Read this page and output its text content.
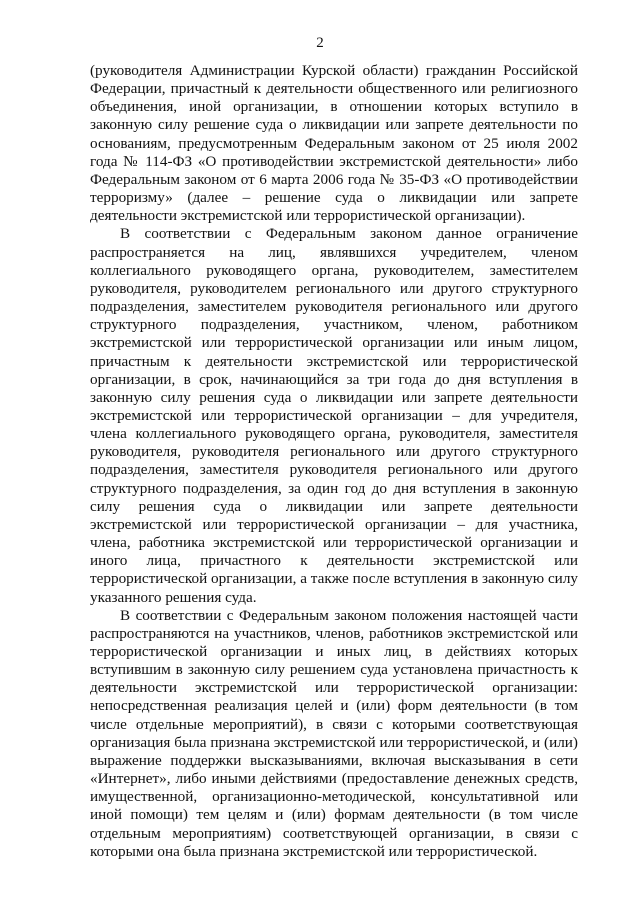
2

(руководителя Администрации Курской области) гражданин Российской Федерации, причастный к деятельности общественного или религиозного объединения, иной организации, в отношении которых вступило в законную силу решение суда о ликвидации или запрете деятельности по основаниям, предусмотренным Федеральным законом от 25 июля 2002 года № 114-ФЗ «О противодействии экстремистской деятельности» либо Федеральным законом от 6 марта 2006 года № 35-ФЗ «О противодействии терроризму» (далее – решение суда о ликвидации или запрете деятельности экстремистской или террористической организации).

В соответствии с Федеральным законом данное ограничение распространяется на лиц, являвшихся учредителем, членом коллегиального руководящего органа, руководителем, заместителем руководителя, руководителем регионального или другого структурного подразделения, заместителем руководителя регионального или другого структурного подразделения, участником, членом, работником экстремистской или террористической организации или иным лицом, причастным к деятельности экстремистской или террористической организации, в срок, начинающийся за три года до дня вступления в законную силу решения суда о ликвидации или запрете деятельности экстремистской или террористической организации – для учредителя, члена коллегиального руководящего органа, руководителя, заместителя руководителя, руководителя регионального или другого структурного подразделения, заместителя руководителя регионального или другого структурного подразделения, за один год до дня вступления в законную силу решения суда о ликвидации или запрете деятельности экстремистской или террористической организации – для участника, члена, работника экстремистской или террористической организации и иного лица, причастного к деятельности экстремистской или террористической организации, а также после вступления в законную силу указанного решения суда.

В соответствии с Федеральным законом положения настоящей части распространяются на участников, членов, работников экстремистской или террористической организации и иных лиц, в действиях которых вступившим в законную силу решением суда установлена причастность к деятельности экстремистской или террористической организации: непосредственная реализация целей и (или) форм деятельности (в том числе отдельные мероприятий), в связи с которыми соответствующая организация была признана экстремистской или террористической, и (или) выражение поддержки высказываниями, включая высказывания в сети «Интернет», либо иными действиями (предоставление денежных средств, имущественной, организационно-методической, консультативной или иной помощи) тем целям и (или) формам деятельности (в том числе отдельным мероприятиям) соответствующей организации, в связи с которыми она была признана экстремистской или террористической.
